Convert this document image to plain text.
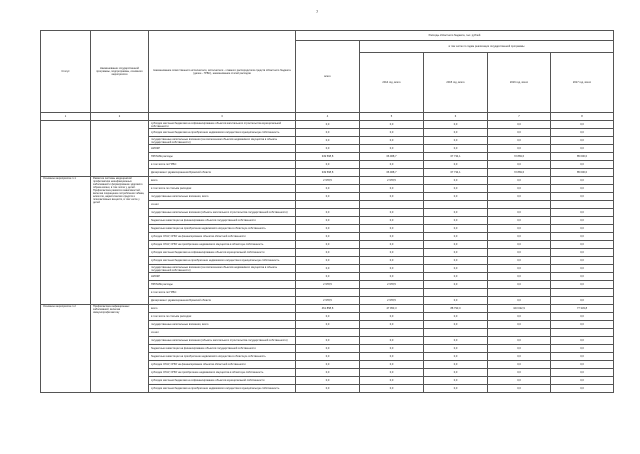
7
Статус	Наименование государственной программы, подпрограммы, основного мероприятия	Наименование ответственного исполнителя, исполнителя - главного распорядителя средств областного бюджета (далее - ГРБС), наименование статей расходов	Расходы областного бюджета, тыс. рублей				
			всего	в том числе по годам реализации государственной программы			
				2014 год, всего	2015 год, всего	2016 год, всего	2017 год, всего
1	2	3	4	5	6	7	8
		субсидии местным бюджетам на софинансирование объектов капитального строительства муниципальной собственности	0,0	0,0	0,0	0,0	0,0
		субсидии местным бюджетам на приобретение недвижимого имущества в муниципальную собственность	0,0	0,0	0,0	0,0	0,0
		государственные капитальные вложения (за исключением объектов недвижимого имущества в объекты государственной собственности)	0,0	0,0	0,0	0,0	0,0
		НИОКР	0,0	0,0	0,0	0,0	0,0
		ПРОЧИЕ расходы	349 568,8	66 968,7	67 734,1	72 869,6	85 000,0
		в том числе по ГРБС:	0,0	0,0	0,0	0,0	0,0
		Департамент здравоохранения Брянской области	349 568,8	66 968,7	67 734,1	72 869,6	85 000,0
Основное мероприятие 1.1	Развитие системы медицинской профилактики неинфекционных заболеваний и формирование здорового образа жизни, в том числе у детей. Профилактика развития зависимостей, включая сокращение потребления табака, алкоголя, наркотических средств и психоактивных веществ, в том числе у детей	всего	2 978,5	2 978,5	0,0	0,0	0,0
		в том числе по статьям расходов:	0,0	0,0	0,0	0,0	0,0
		государственные капитальные вложения, всего	0,0	0,0	0,0	0,0	0,0
		из них:					
		государственные капитальные вложения (объекты капитального строительства государственной собственности)	0,0	0,0	0,0	0,0	0,0
		бюджетные инвестиции на финансирование объектов государственной собственности	0,0	0,0	0,0	0,0	0,0
		бюджетные инвестиции на приобретение недвижимого имущества в областную собственность	0,0	0,0	0,0	0,0	0,0
		субсидии ОГАУ, ОГБУ на финансирование объектов областной собственности	0,0	0,0	0,0	0,0	0,0
		субсидии ОГАУ, ОГБУ на приобретение недвижимого имущества в областную собственность	0,0	0,0	0,0	0,0	0,0
		субсидии местным бюджетам на софинансирование объектов муниципальной собственности	0,0	0,0	0,0	0,0	0,0
		субсидии местным бюджетам на приобретение недвижимого имущества в муниципальную собственность	0,0	0,0	0,0	0,0	0,0
		государственные капитальные вложения (за исключением объектов недвижимого имущества в объекты государственной собственности)	0,0	0,0	0,0	0,0	0,0
		НИОКР	0,0	0,0	0,0	0,0	0,0
		ПРОЧИЕ расходы	2 978,5	2 978,5	0,0	0,0	0,0
		в том числе по ГРБС:					
		Департамент здравоохранения Брянской области	2 978,5	2 978,5	0,0	0,0	0,0
Основное мероприятие 1.2	Профилактика инфекционных заболеваний, включая иммунопрофилактику	всего	461 858,8	47 953,3	88 793,0	103 022,9	77 333,8
		в том числе по статьям расходов:	0,0	0,0	0,0	0,0	0,0
		государственные капитальные вложения, всего	0,0	0,0	0,0	0,0	0,0
		из них:					
		государственные капитальные вложения (объекты капитального строительства государственной собственности)	0,0	0,0	0,0	0,0	0,0
		бюджетные инвестиции на финансирование объектов государственной собственности	0,0	0,0	0,0	0,0	0,0
		бюджетные инвестиции на приобретение недвижимого имущества в областную собственность	0,0	0,0	0,0	0,0	0,0
		субсидии ОГАУ, ОГБУ на финансирование объектов областной собственности	0,0	0,0	0,0	0,0	0,0
		субсидии ОГАУ, ОГБУ на приобретение недвижимого имущества в областную собственность	0,0	0,0	0,0	0,0	0,0
		субсидии местным бюджетам на софинансирование объектов муниципальной собственности	0,0	0,0	0,0	0,0	0,0
		субсидии местным бюджетам на приобретение недвижимого имущества в муниципальную собственность	0,0	0,0	0,0	0,0	0,0
